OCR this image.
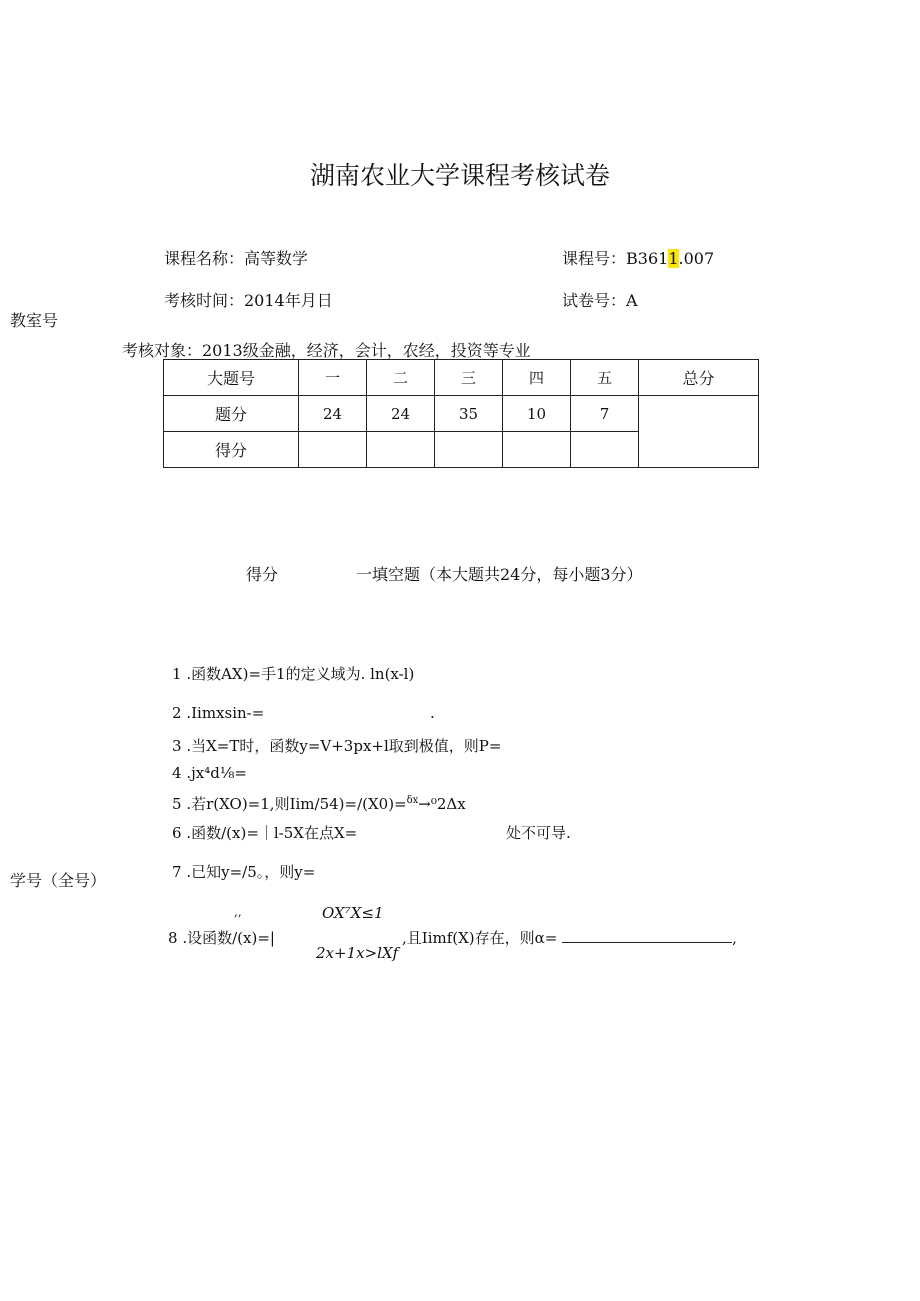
湖南农业大学课程考核试卷
课程名称：高等数学	课程号：B3611.007
考核时间：2014年月日	试卷号：A
教室号
考核对象：2013级金融，经济，会计，农经，投资等专业
大题号	一	二	三	四	五	总分
题分	24	24	35	10	7	
得分						
得分	一填空题（本大题共24分，每小题3分）
1 .函数AX)=手1的定义域为. ln(x-l)
2 .Iimxsin-=	.
3 .当X=T时，函数y=V+3px+l取到极值，则P=
4 .jx⁴d⅛=
5 .若r(XO)=1,则Iim∕54)=∕(X0)=$^{\delta x}$→⁰2Δx
6 .函数/(x)=｜l-5X在点X=	处不可导.
学号（全号）	7 .已知y=/5。，则y=
,,	OX⁷X≤1
8 .设函数/(x)=|	,且Iimf(X)存在，则α=	,
2x+1x>lXf
